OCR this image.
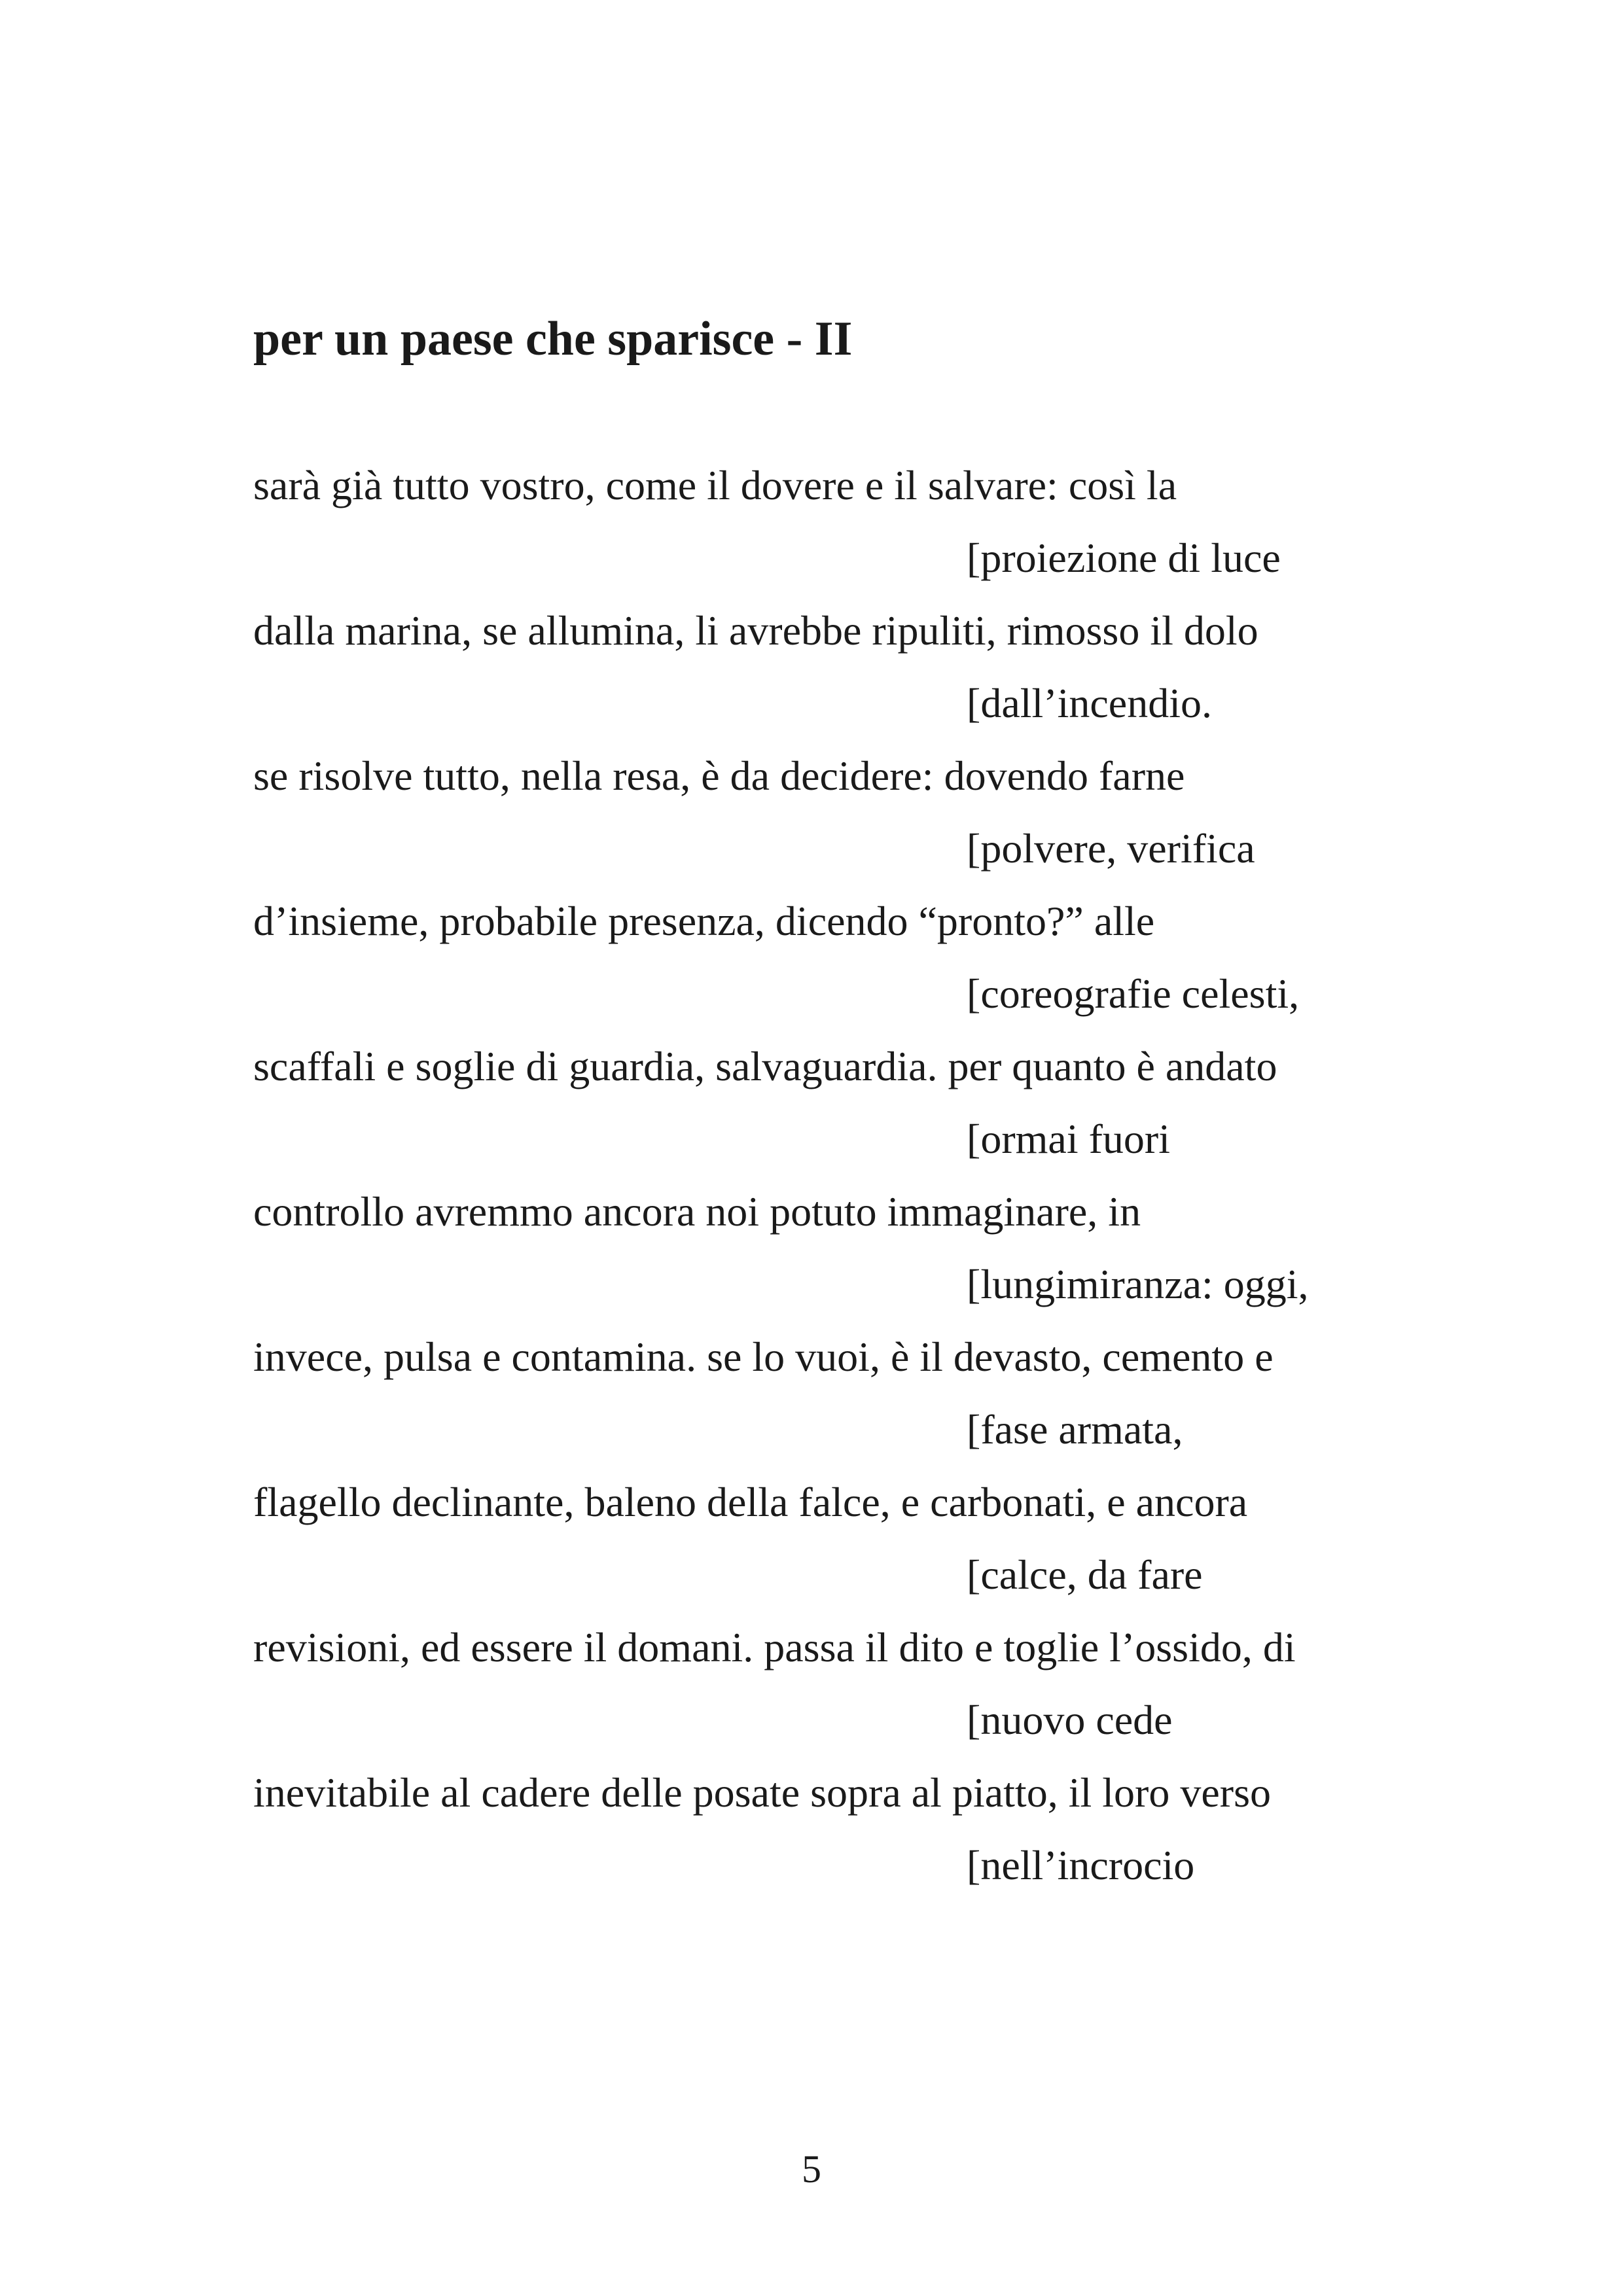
per un paese che sparisce - II
sarà già tutto vostro, come il dovere e il salvare: così la
[proiezione di luce
dalla marina, se allumina, li avrebbe ripuliti, rimosso il dolo
[dall’incendio.
se risolve tutto, nella resa, è da decidere: dovendo farne
[polvere, verifica
d’insieme, probabile presenza, dicendo “pronto?” alle
[coreografie celesti,
scaffali e soglie di guardia, salvaguardia. per quanto è andato
[ormai fuori
controllo avremmo ancora noi potuto immaginare, in
[lungimiranza: oggi,
invece, pulsa e contamina. se lo vuoi, è il devasto, cemento e
[fase armata,
flagello declinante, baleno della falce, e carbonati, e ancora
[calce, da fare
revisioni, ed essere il domani. passa il dito e toglie l’ossido, di
[nuovo cede
inevitabile al cadere delle posate sopra al piatto, il loro verso
[nell’incrocio
5
